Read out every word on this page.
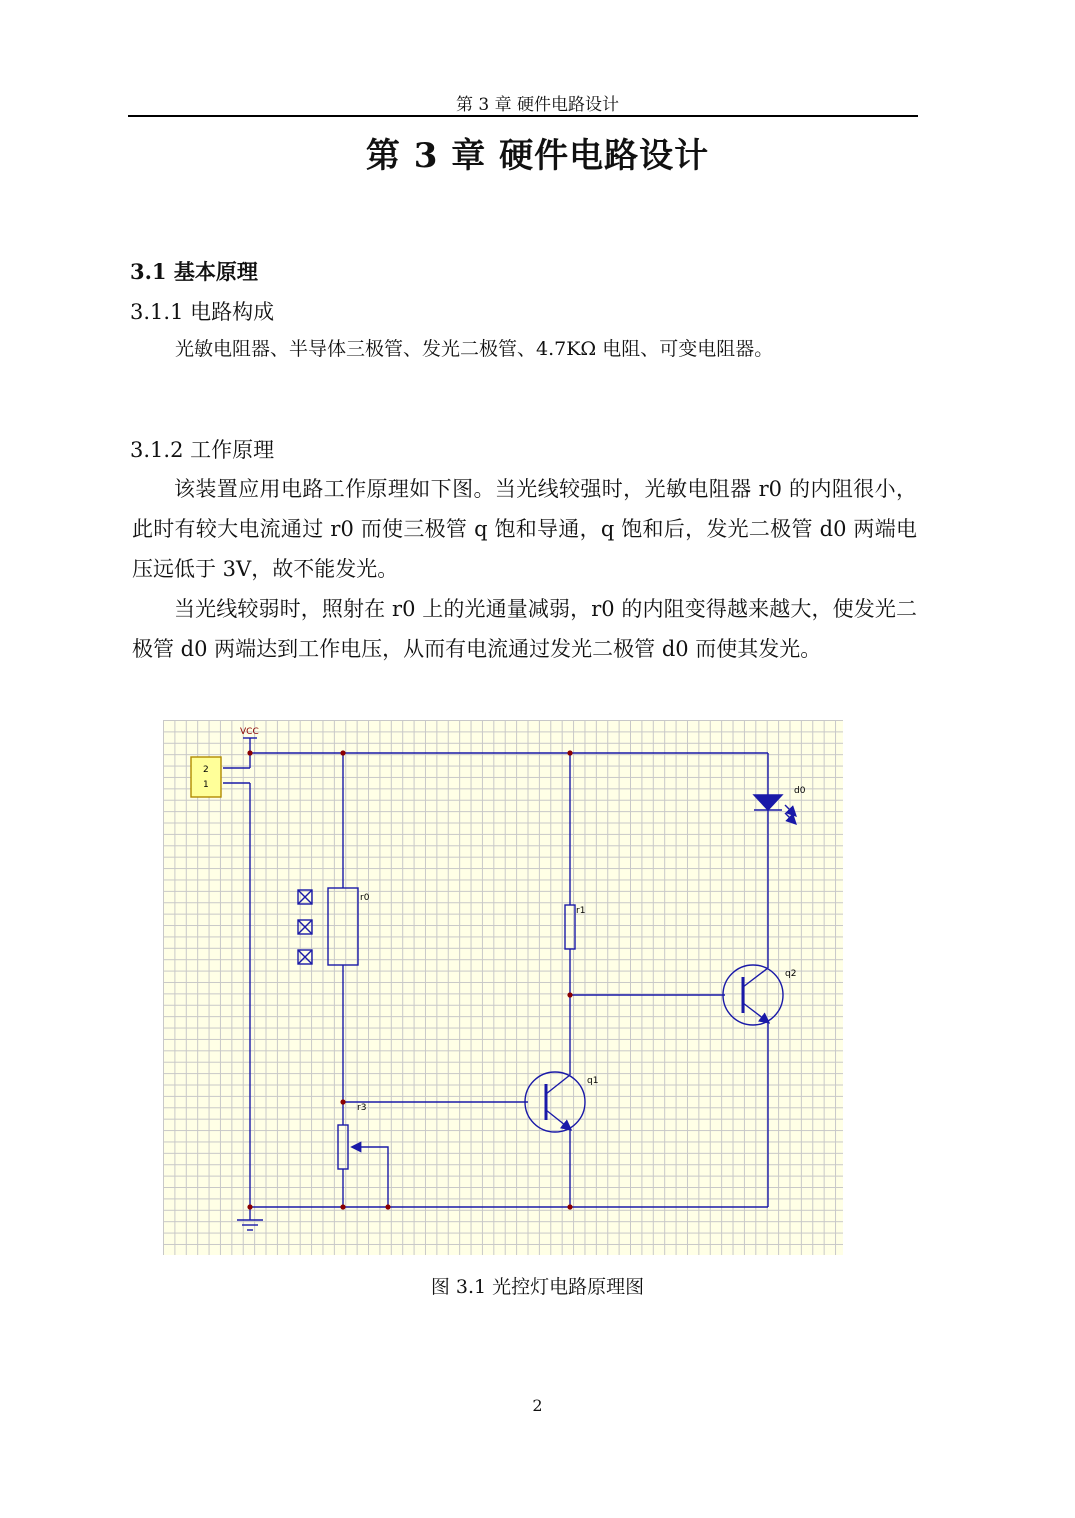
第 3 章 硬件电路设计
第 3 章 硬件电路设计
3.1 基本原理
3.1.1 电路构成
光敏电阻器、半导体三极管、发光二极管、4.7KΩ 电阻、可变电阻器。
3.1.2 工作原理
该装置应用电路工作原理如下图。当光线较强时，光敏电阻器 r0 的内阻很小，此时有较大电流通过 r0 而使三极管 q 饱和导通，q 饱和后，发光二极管 d0 两端电压远低于 3V，故不能发光。
当光线较弱时，照射在 r0 上的光通量减弱，r0 的内阻变得越来越大，使发光二极管 d0 两端达到工作电压，从而有电流通过发光二极管 d0 而使其发光。
VCC
2
1
r0
r1
r3
q1
q2
d0
图 3.1 光控灯电路原理图
2
